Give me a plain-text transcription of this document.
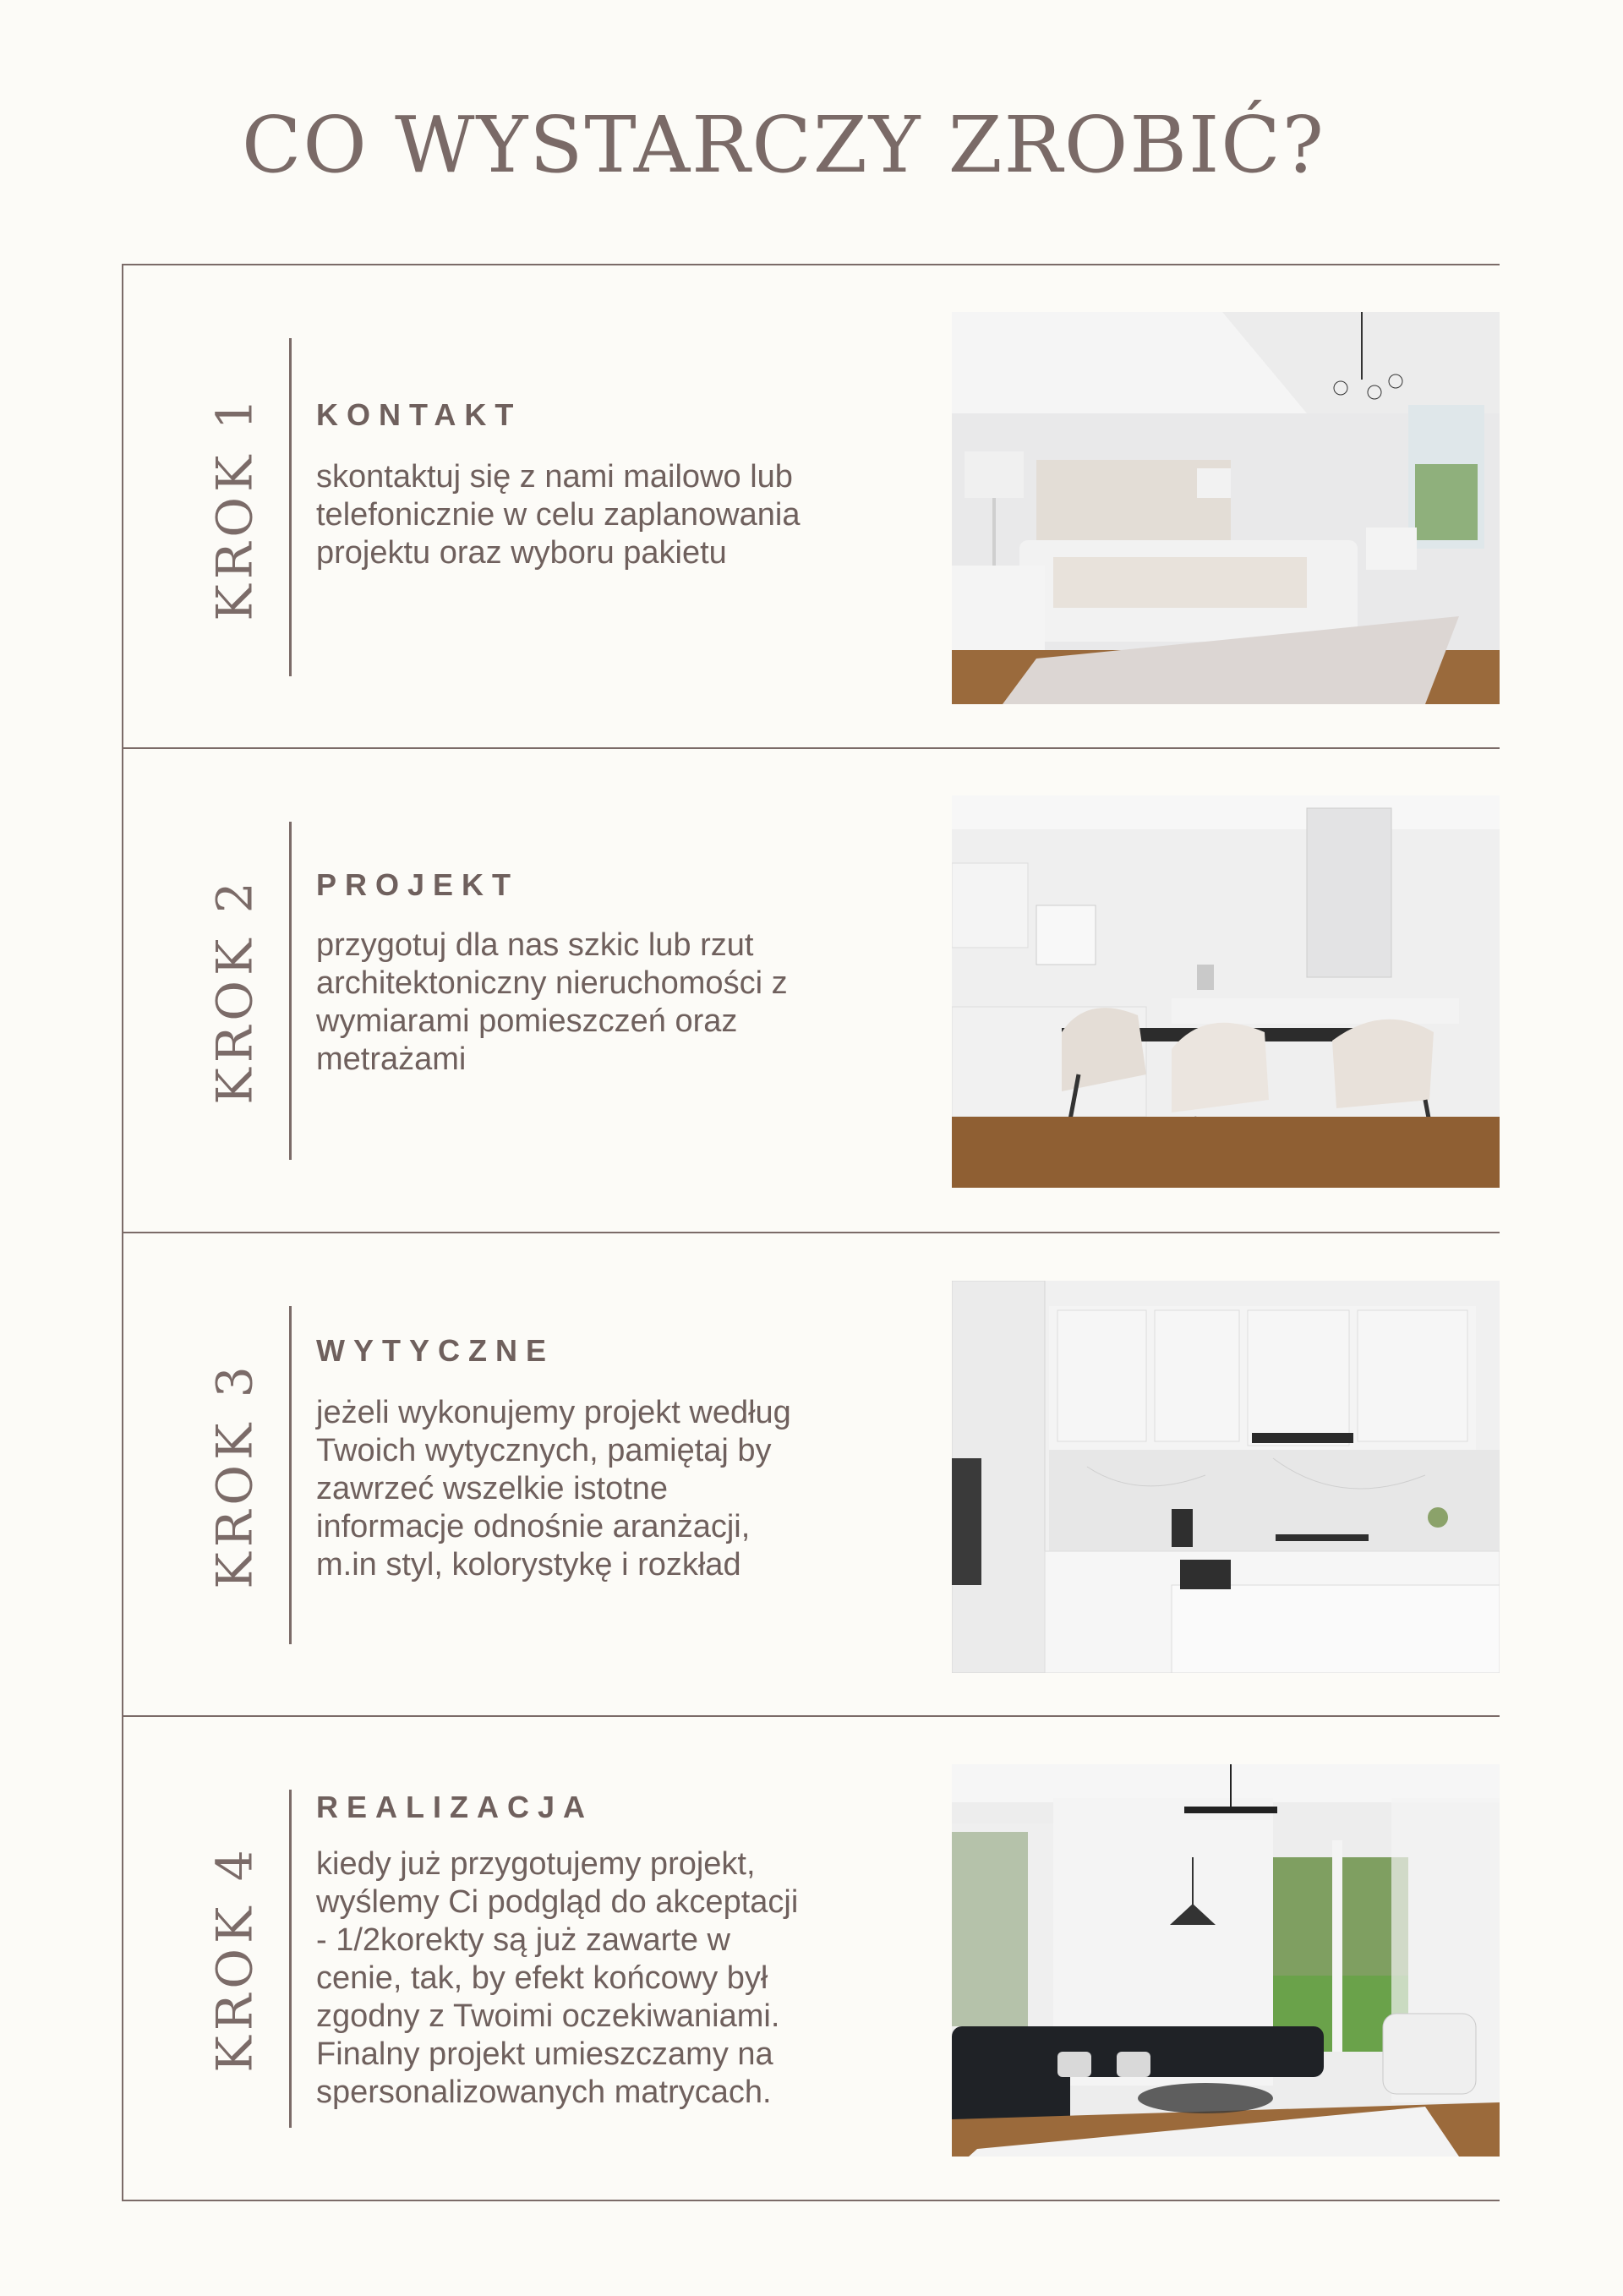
CO WYSTARCZY ZROBIĆ?
KROK 1 KONTAKT
skontaktuj się z nami mailowo lub
telefonicznie w celu zaplanowania
projektu oraz wyboru pakietu
KROK 2 PROJEKT
przygotuj dla nas szkic lub rzut
architektoniczny nieruchomości z
wymiarami pomieszczeń oraz
metrażami
KROK 3
WYTYCZNE
jeżeli wykonujemy projekt według
Twoich wytycznych, pamiętaj by
zawrzeć wszelkie istotne
informacje odnośnie aranżacji,
m.in styl, kolorystykę i rozkład
KROK 4
REALIZACJA
kiedy już przygotujemy projekt,
wyślemy Ci podgląd do akceptacji
- 1/2korekty są już zawarte w
cenie, tak, by efekt końcowy był
zgodny z Twoimi oczekiwaniami.
Finalny projekt umieszczamy na
spersonalizowanych matrycach.
